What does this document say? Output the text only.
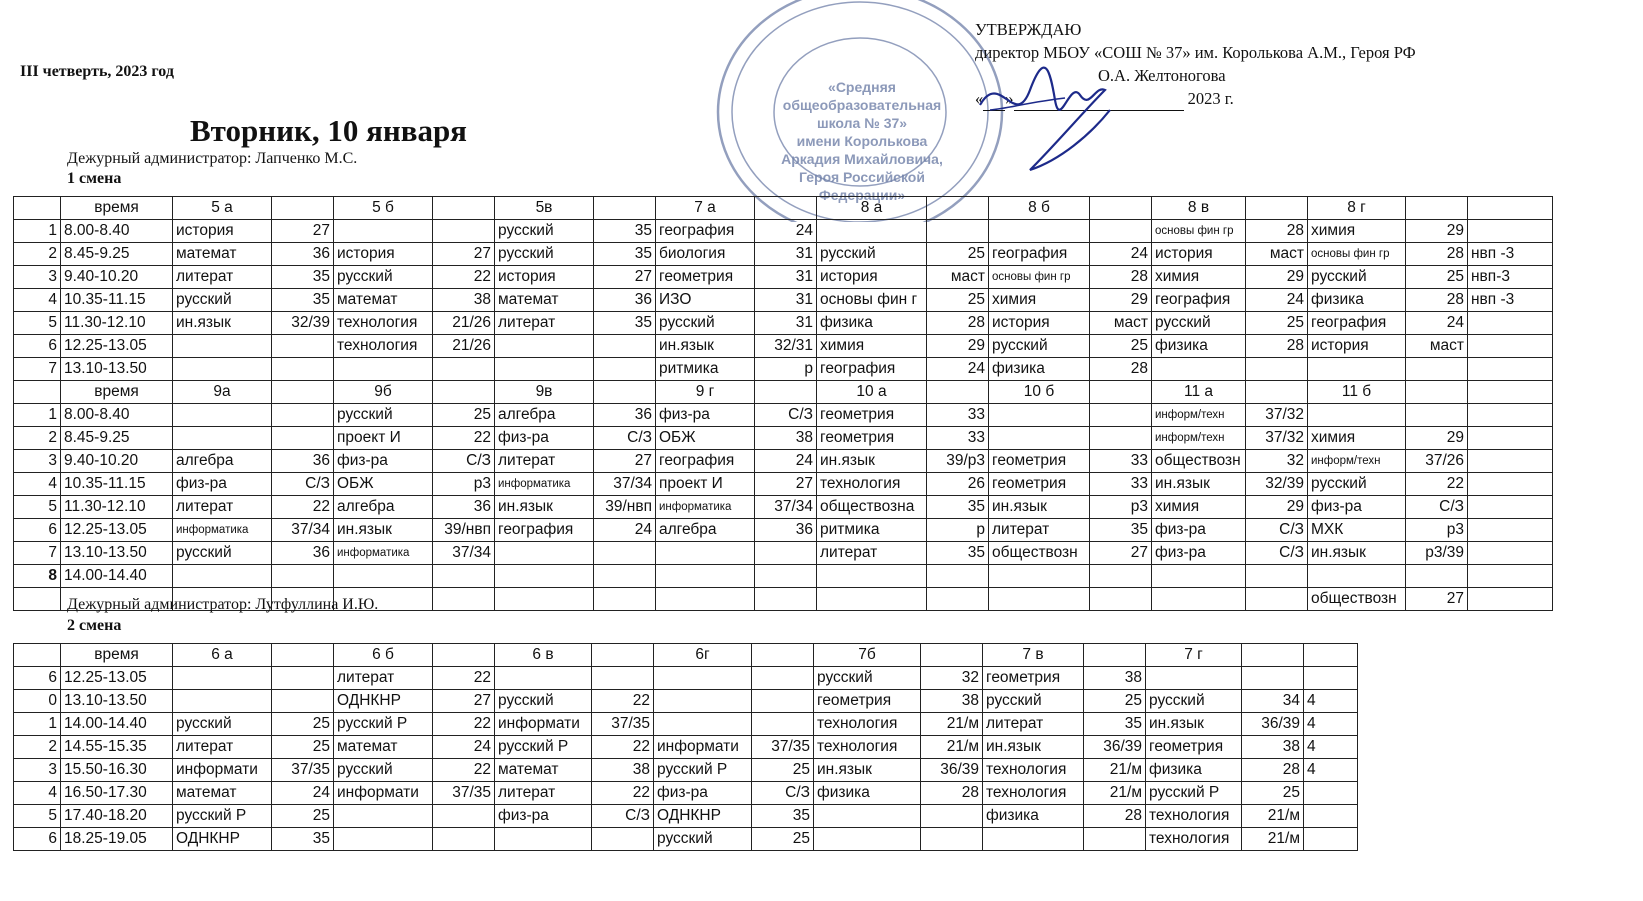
III четверть, 2023 год
Вторник, 10 января
«Средняя
общеобразовательная
школа № 37»
имени Королькова
Аркадия Михайловича,
Героя Российской
Федерации»
УТВЕРЖДАЮ
директор МБОУ «СОШ № 37» им. Королькова А.М., Героя РФ
О.А. Желтоногова
« »	2023 г.
Дежурный администратор: Лапченко М.С.
1 смена
	время	5 а		5 б		5в		7 а		8 а		8 б		8 в		8 г		
1	8.00-8.40	история	27			русский	35	география	24					основы фин гр	28	химия	29	
2	8.45-9.25	математ	36	история	27	русский	35	биология	31	русский	25	география	24	история	маст	основы фин гр	28	нвп -3
3	9.40-10.20	литерат	35	русский	22	история	27	геометрия	31	история	маст	основы фин гр	28	химия	29	русский	25	нвп-3
4	10.35-11.15	русский	35	математ	38	математ	36	ИЗО	31	основы фин г	25	химия	29	география	24	физика	28	нвп -3
5	11.30-12.10	ин.язык	32/39	технология	21/26	литерат	35	русский	31	физика	28	история	маст	русский	25	география	24	
6	12.25-13.05			технология	21/26			ин.язык	32/31	химия	29	русский	25	физика	28	история	маст	
7	13.10-13.50							ритмика	р	география	24	физика	28					
	время	9а		9б		9в		9 г		10 а		10 б		11 а		11 б		
1	8.00-8.40			русский	25	алгебра	36	физ-ра	С/З	геометрия	33			информ/техн	37/32			
2	8.45-9.25			проект И	22	физ-ра	С/З	ОБЖ	38	геометрия	33			информ/техн	37/32	химия	29	
3	9.40-10.20	алгебра	36	физ-ра	С/З	литерат	27	география	24	ин.язык	39/р3	геометрия	33	обществозн	32	информ/техн	37/26	
4	10.35-11.15	физ-ра	С/З	ОБЖ	р3	информатика	37/34	проект И	27	технология	26	геометрия	33	ин.язык	32/39	русский	22	
5	11.30-12.10	литерат	22	алгебра	36	ин.язык	39/нвп	информатика	37/34	обществозна	35	ин.язык	р3	химия	29	физ-ра	С/З	
6	12.25-13.05	информатика	37/34	ин.язык	39/нвп	география	24	алгебра	36	ритмика	р	литерат	35	физ-ра	С/З	МХК	р3	
7	13.10-13.50	русский	36	информатика	37/34					литерат	35	обществозн	27	физ-ра	С/З	ин.язык	р3/39	
8	14.00-14.40																	
																обществозн	27	
Дежурный администратор: Лутфуллина И.Ю.
2 смена
	время	6 а		6 б		6 в		6г		7б		7 в		7 г		
6	12.25-13.05			литерат	22					русский	32	геометрия	38			
0	13.10-13.50			ОДНКНР	27	русский	22			геометрия	38	русский	25	русский	34	4
1	14.00-14.40	русский	25	русский Р	22	информати	37/35			технология	21/м	литерат	35	ин.язык	36/39	4
2	14.55-15.35	литерат	25	математ	24	русский Р	22	информати	37/35	технология	21/м	ин.язык	36/39	геометрия	38	4
3	15.50-16.30	информати	37/35	русский	22	математ	38	русский Р	25	ин.язык	36/39	технология	21/м	физика	28	4
4	16.50-17.30	математ	24	информати	37/35	литерат	22	физ-ра	С/З	физика	28	технология	21/м	русский Р	25	
5	17.40-18.20	русский Р	25			физ-ра	С/З	ОДНКНР	35			физика	28	технология	21/м	
6	18.25-19.05	ОДНКНР	35					русский	25					технология	21/м	
